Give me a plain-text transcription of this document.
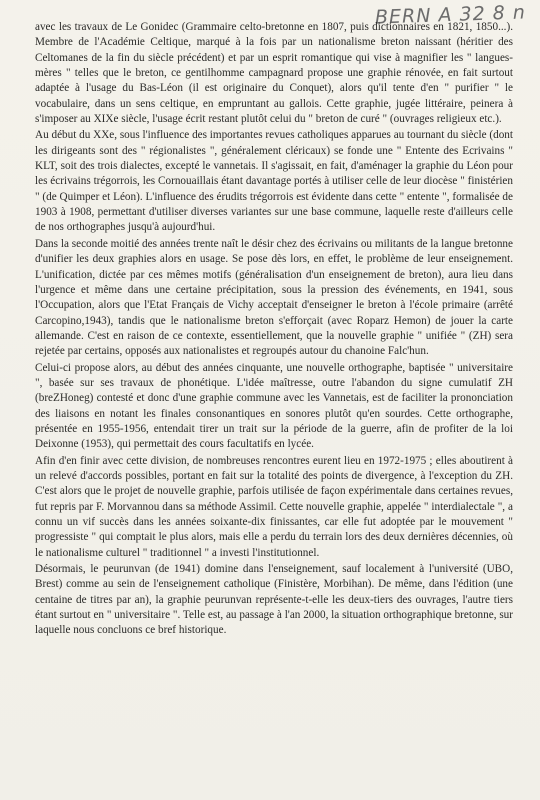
BERN A 32 8 n

avec les travaux de Le Gonidec (Grammaire celto-bretonne en 1807, puis dictionnaires en 1821, 1850...). Membre de l'Académie Celtique, marqué à la fois par un nationalisme breton naissant (héritier des Celtomanes de la fin du siècle précédent) et par un esprit romantique qui vise à magnifier les " langues-mères " telles que le breton, ce gentilhomme campagnard propose une graphie rénovée, en fait surtout adaptée à l'usage du Bas-Léon (il est originaire du Conquet), alors qu'il tente d'en " purifier " le vocabulaire, dans un sens celtique, en empruntant au gallois. Cette graphie, jugée littéraire, peinera à s'imposer au XIXe siècle, l'usage écrit restant plutôt celui du " breton de curé " (ouvrages religieux etc.).

Au début du XXe, sous l'influence des importantes revues catholiques apparues au tournant du siècle (dont les dirigeants sont des " régionalistes ", généralement cléricaux) se fonde une " Entente des Ecrivains " KLT, soit des trois dialectes, excepté le vannetais. Il s'agissait, en fait, d'aménager la graphie du Léon pour les écrivains trégorrois, les Cornouaillais étant davantage portés à utiliser celle de leur diocèse " finistérien " (de Quimper et Léon). L'influence des érudits trégorrois est évidente dans cette " entente ", formalisée de 1903 à 1908, permettant d'utiliser diverses variantes sur une base commune, laquelle reste d'ailleurs celle de nos orthographes jusqu'à aujourd'hui.

Dans la seconde moitié des années trente naît le désir chez des écrivains ou militants de la langue bretonne d'unifier les deux graphies alors en usage. Se pose dès lors, en effet, le problème de leur enseignement. L'unification, dictée par ces mêmes motifs (généralisation d'un enseignement de breton), aura lieu dans l'urgence et même dans une certaine précipitation, sous la pression des événements, en 1941, sous l'Occupation, alors que l'Etat Français de Vichy acceptait d'enseigner le breton à l'école primaire (arrêté Carcopino,1943), tandis que le nationalisme breton s'efforçait (avec Roparz Hemon) de jouer la carte allemande. C'est en raison de ce contexte, essentiellement, que la nouvelle graphie " unifiée " (ZH) sera rejetée par certains, opposés aux nationalistes et regroupés autour du chanoine Falc'hun.

Celui-ci propose alors, au début des années cinquante, une nouvelle orthographe, baptisée " universitaire ", basée sur ses travaux de phonétique. L'idée maîtresse, outre l'abandon du signe cumulatif ZH (breZHoneg) contesté et donc d'une graphie commune avec les Vannetais, est de faciliter la prononciation des liaisons en notant les finales consonantiques en sonores plutôt qu'en sourdes. Cette orthographe, présentée en 1955-1956, entendait tirer un trait sur la période de la guerre, afin de profiter de la loi Deixonne (1953), qui permettait des cours facultatifs en lycée.

Afin d'en finir avec cette division, de nombreuses rencontres eurent lieu en 1972-1975 ; elles aboutirent à un relevé d'accords possibles, portant en fait sur la totalité des points de divergence, à l'exception du ZH. C'est alors que le projet de nouvelle graphie, parfois utilisée de façon expérimentale dans certaines revues, fut repris par F. Morvannou dans sa méthode Assimil. Cette nouvelle graphie, appelée " interdialectale ", a connu un vif succès dans les années soixante-dix finissantes, car elle fut adoptée par le mouvement " progressiste " qui comptait le plus alors, mais elle a perdu du terrain lors des deux dernières décennies, où le nationalisme culturel " traditionnel " a investi l'institutionnel.

Désormais, le peurunvan (de 1941) domine dans l'enseignement, sauf localement à l'université (UBO, Brest) comme au sein de l'enseignement catholique (Finistère, Morbihan). De même, dans l'édition (une centaine de titres par an), la graphie peurunvan représente-t-elle les deux-tiers des ouvrages, l'autre tiers étant surtout en " universitaire ". Telle est, au passage à l'an 2000, la situation orthographique bretonne, sur laquelle nous concluons ce bref historique.
